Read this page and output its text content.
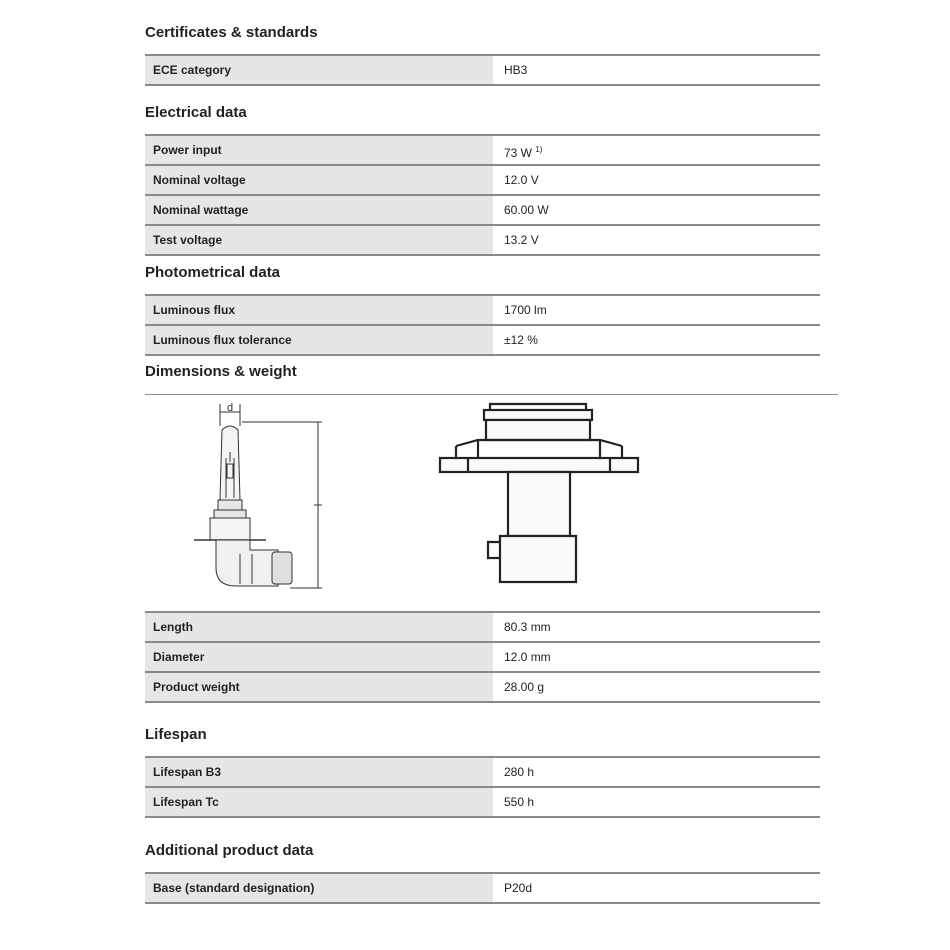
Certificates & standards
ECE category	HB3
Electrical data
Power input	73 W $^{1)}$
Nominal voltage	12.0 V
Nominal wattage	60.00 W
Test voltage	13.2 V
Photometrical data
Luminous flux	1700 lm
Luminous flux tolerance	±12 %
Dimensions & weight
d
Length	80.3 mm
Diameter	12.0 mm
Product weight	28.00 g
Lifespan
Lifespan B3	280 h
Lifespan Tc	550 h
Additional product data
Base (standard designation)	P20d
